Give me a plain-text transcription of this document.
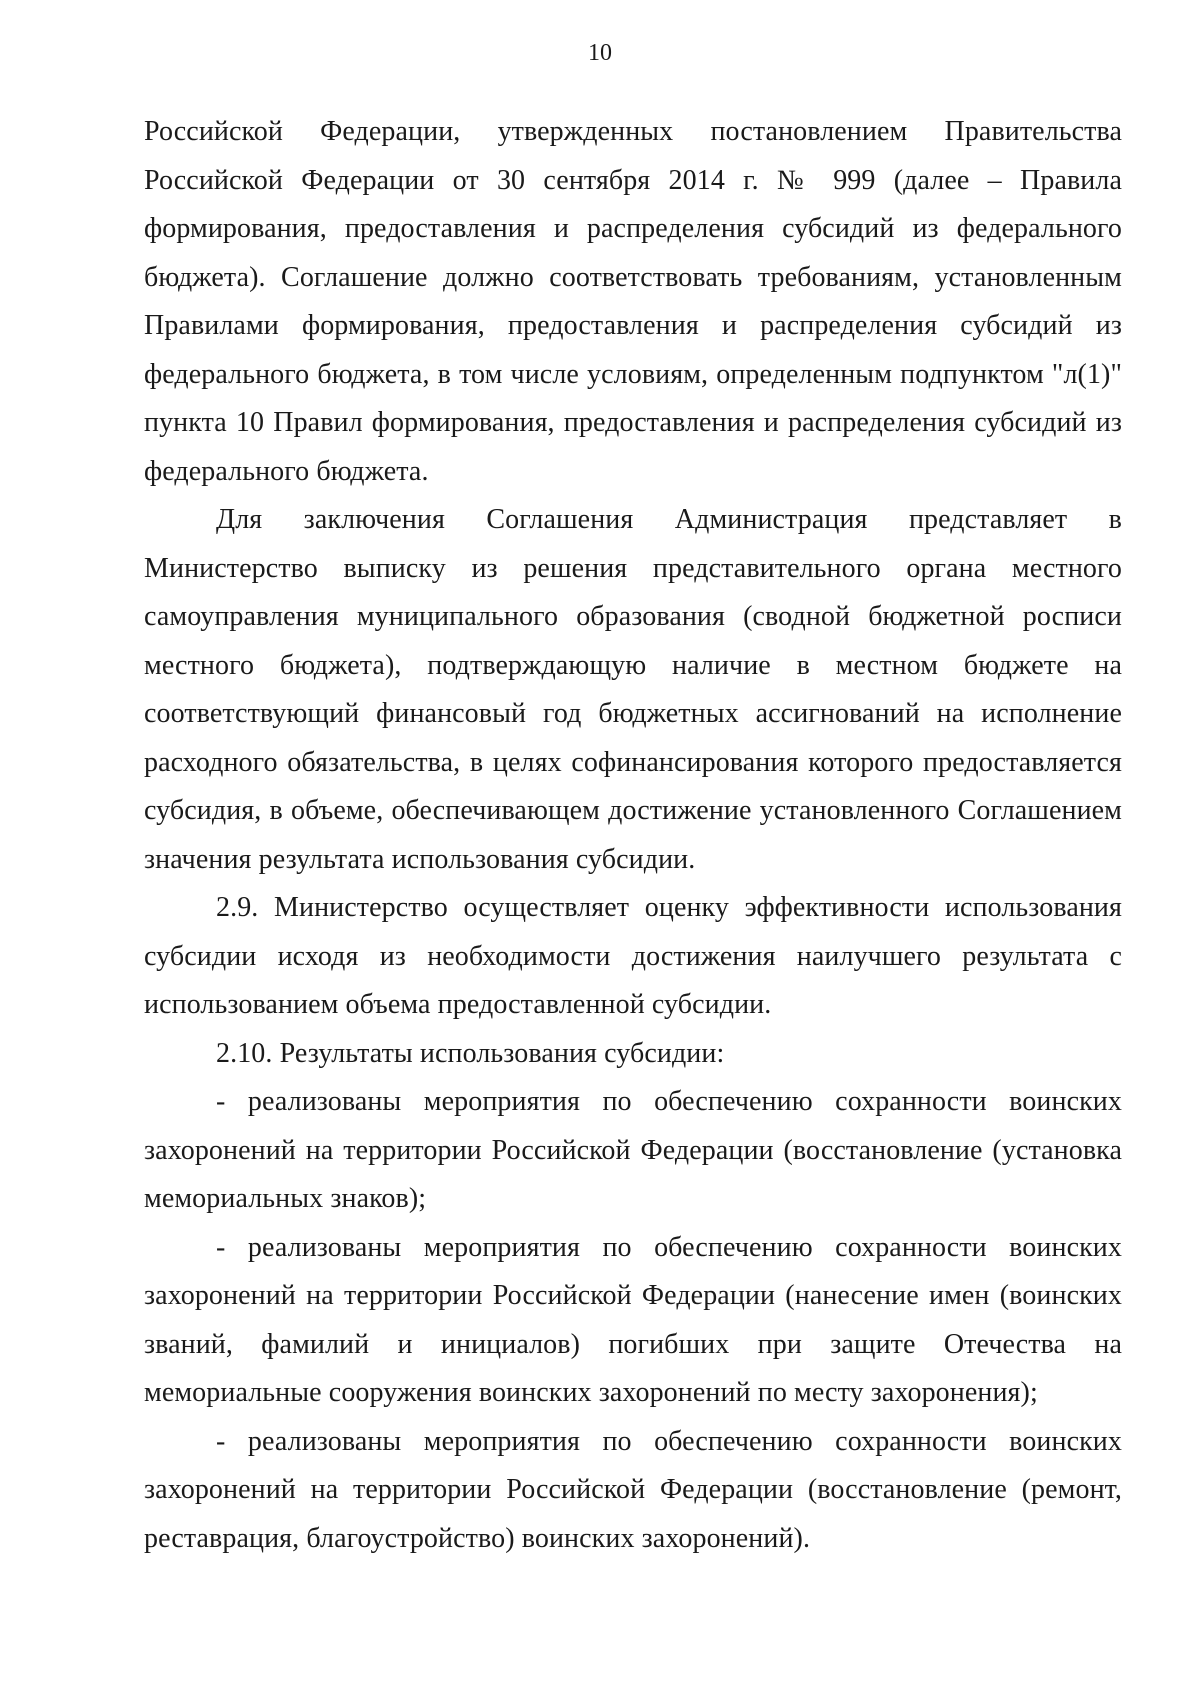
10

Российской Федерации, утвержденных постановлением Правительства Российской Федерации от 30 сентября 2014 г. № 999 (далее – Правила формирования, предоставления и распределения субсидий из федерального бюджета). Соглашение должно соответствовать требованиям, установленным Правилами формирования, предоставления и распределения субсидий из федерального бюджета, в том числе условиям, определенным подпунктом "л(1)" пункта 10 Правил формирования, предоставления и распределения субсидий из федерального бюджета.

Для заключения Соглашения Администрация представляет в Министерство выписку из решения представительного органа местного самоуправления муниципального образования (сводной бюджетной росписи местного бюджета), подтверждающую наличие в местном бюджете на соответствующий финансовый год бюджетных ассигнований на исполнение расходного обязательства, в целях софинансирования которого предоставляется субсидия, в объеме, обеспечивающем достижение установленного Соглашением значения результата использования субсидии.

2.9. Министерство осуществляет оценку эффективности использования субсидии исходя из необходимости достижения наилучшего результата с использованием объема предоставленной субсидии.

2.10. Результаты использования субсидии:

- реализованы мероприятия по обеспечению сохранности воинских захоронений на территории Российской Федерации (восстановление (установка мемориальных знаков);

- реализованы мероприятия по обеспечению сохранности воинских захоронений на территории Российской Федерации (нанесение имен (воинских званий, фамилий и инициалов) погибших при защите Отечества на мемориальные сооружения воинских захоронений по месту захоронения);

- реализованы мероприятия по обеспечению сохранности воинских захоронений на территории Российской Федерации (восстановление (ремонт, реставрация, благоустройство) воинских захоронений).
